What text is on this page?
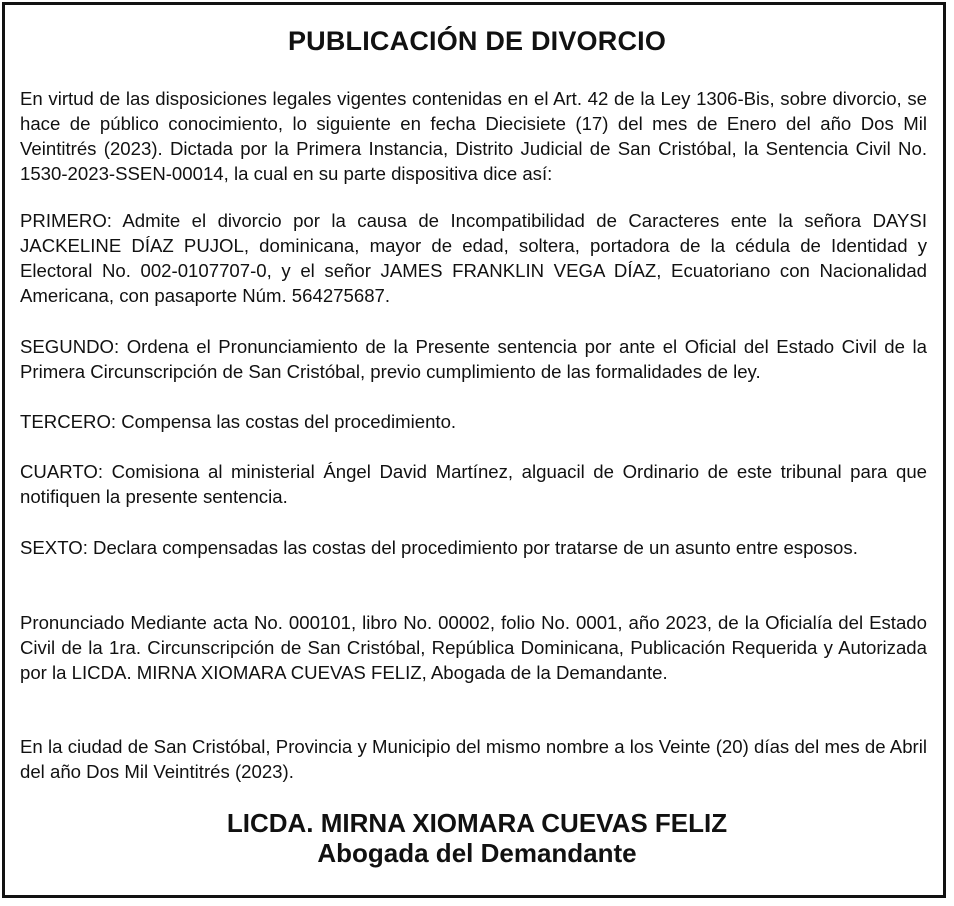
PUBLICACIÓN DE DIVORCIO

En virtud de las disposiciones legales vigentes contenidas en el Art. 42 de la Ley 1306-Bis, sobre divorcio, se hace de público conocimiento, lo siguiente en fecha Diecisiete (17) del mes de Enero del año Dos Mil Veintitrés (2023). Dictada por la Primera Instancia, Distrito Judicial de San Cristóbal, la Sentencia Civil No. 1530-2023-SSEN-00014, la cual en su parte dispositiva dice así:

PRIMERO: Admite el divorcio por la causa de Incompatibilidad de Caracteres ente la señora DAYSI JACKELINE DÍAZ PUJOL, dominicana, mayor de edad, soltera, portadora de la cédula de Identidad y Electoral No. 002-0107707-0, y el señor JAMES FRANKLIN VEGA DÍAZ, Ecuatoriano con Nacionalidad Americana, con pasaporte Núm. 564275687.

SEGUNDO: Ordena el Pronunciamiento de la Presente sentencia por ante el Oficial del Estado Civil de la Primera Circunscripción de San Cristóbal, previo cumplimiento de las formalidades de ley.

TERCERO: Compensa las costas del procedimiento.

CUARTO: Comisiona al ministerial Ángel David Martínez, alguacil de Ordinario de este tribunal para que notifiquen la presente sentencia.

SEXTO: Declara compensadas las costas del procedimiento por tratarse de un asunto entre esposos.

Pronunciado Mediante acta No. 000101, libro No. 00002, folio No. 0001, año 2023, de la Oficialía del Estado Civil de la 1ra. Circunscripción de San Cristóbal, República Dominicana, Publicación Requerida y Autorizada por la LICDA. MIRNA XIOMARA CUEVAS FELIZ, Abogada de la Demandante.

En la ciudad de San Cristóbal, Provincia y Municipio del mismo nombre a los Veinte (20) días del mes de Abril del año Dos Mil Veintitrés (2023).

LICDA. MIRNA XIOMARA CUEVAS FELIZ
Abogada del Demandante
